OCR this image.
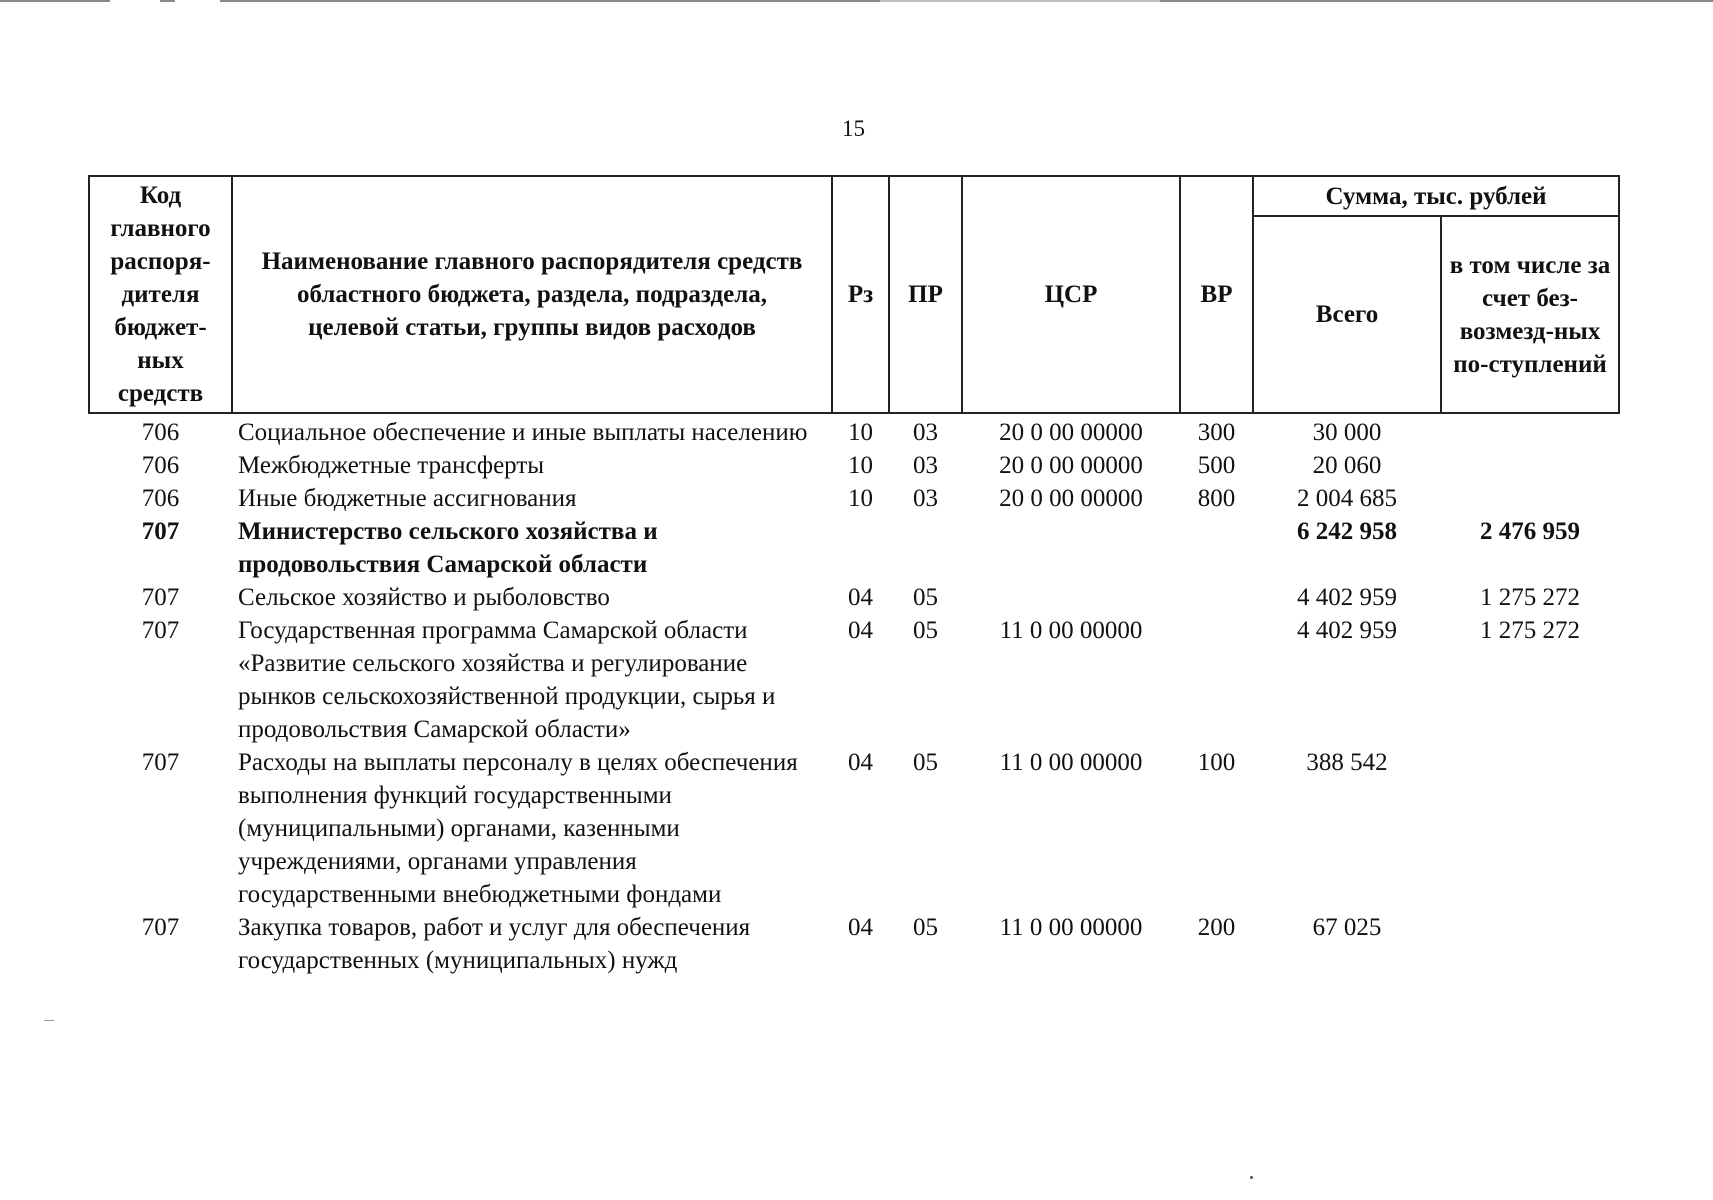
15
Код главного распоря-дителя бюджет-ных средств	Наименование главного распорядителя средств областного бюджета, раздела, подраздела, целевой статьи, группы видов расходов	Рз	ПР	ЦСР	ВР	Сумма, тыс. рублей	
						Всего	в том числе за счет без-возмезд-ных по-ступлений
706	Социальное обеспечение и иные выплаты населению	10	03	20 0 00 00000	300	30 000	
706	Межбюджетные трансферты	10	03	20 0 00 00000	500	20 060	
706	Иные бюджетные ассигнования	10	03	20 0 00 00000	800	2 004 685	
707	Министерство сельского хозяйства и продовольствия Самарской области					6 242 958	2 476 959
707	Сельское хозяйство и рыболовство	04	05			4 402 959	1 275 272
707	Государственная программа Самарской области «Развитие сельского хозяйства и регулирование рынков сельскохозяйственной продукции, сырья и продовольствия Самарской области»	04	05	11 0 00 00000		4 402 959	1 275 272
707	Расходы на выплаты персоналу в целях обеспечения выполнения функций государственными (муниципальными) органами, казенными учреждениями, органами управления государственными внебюджетными фондами	04	05	11 0 00 00000	100	388 542	
707	Закупка товаров, работ и услуг для обеспечения государственных (муниципальных) нужд	04	05	11 0 00 00000	200	67 025	
